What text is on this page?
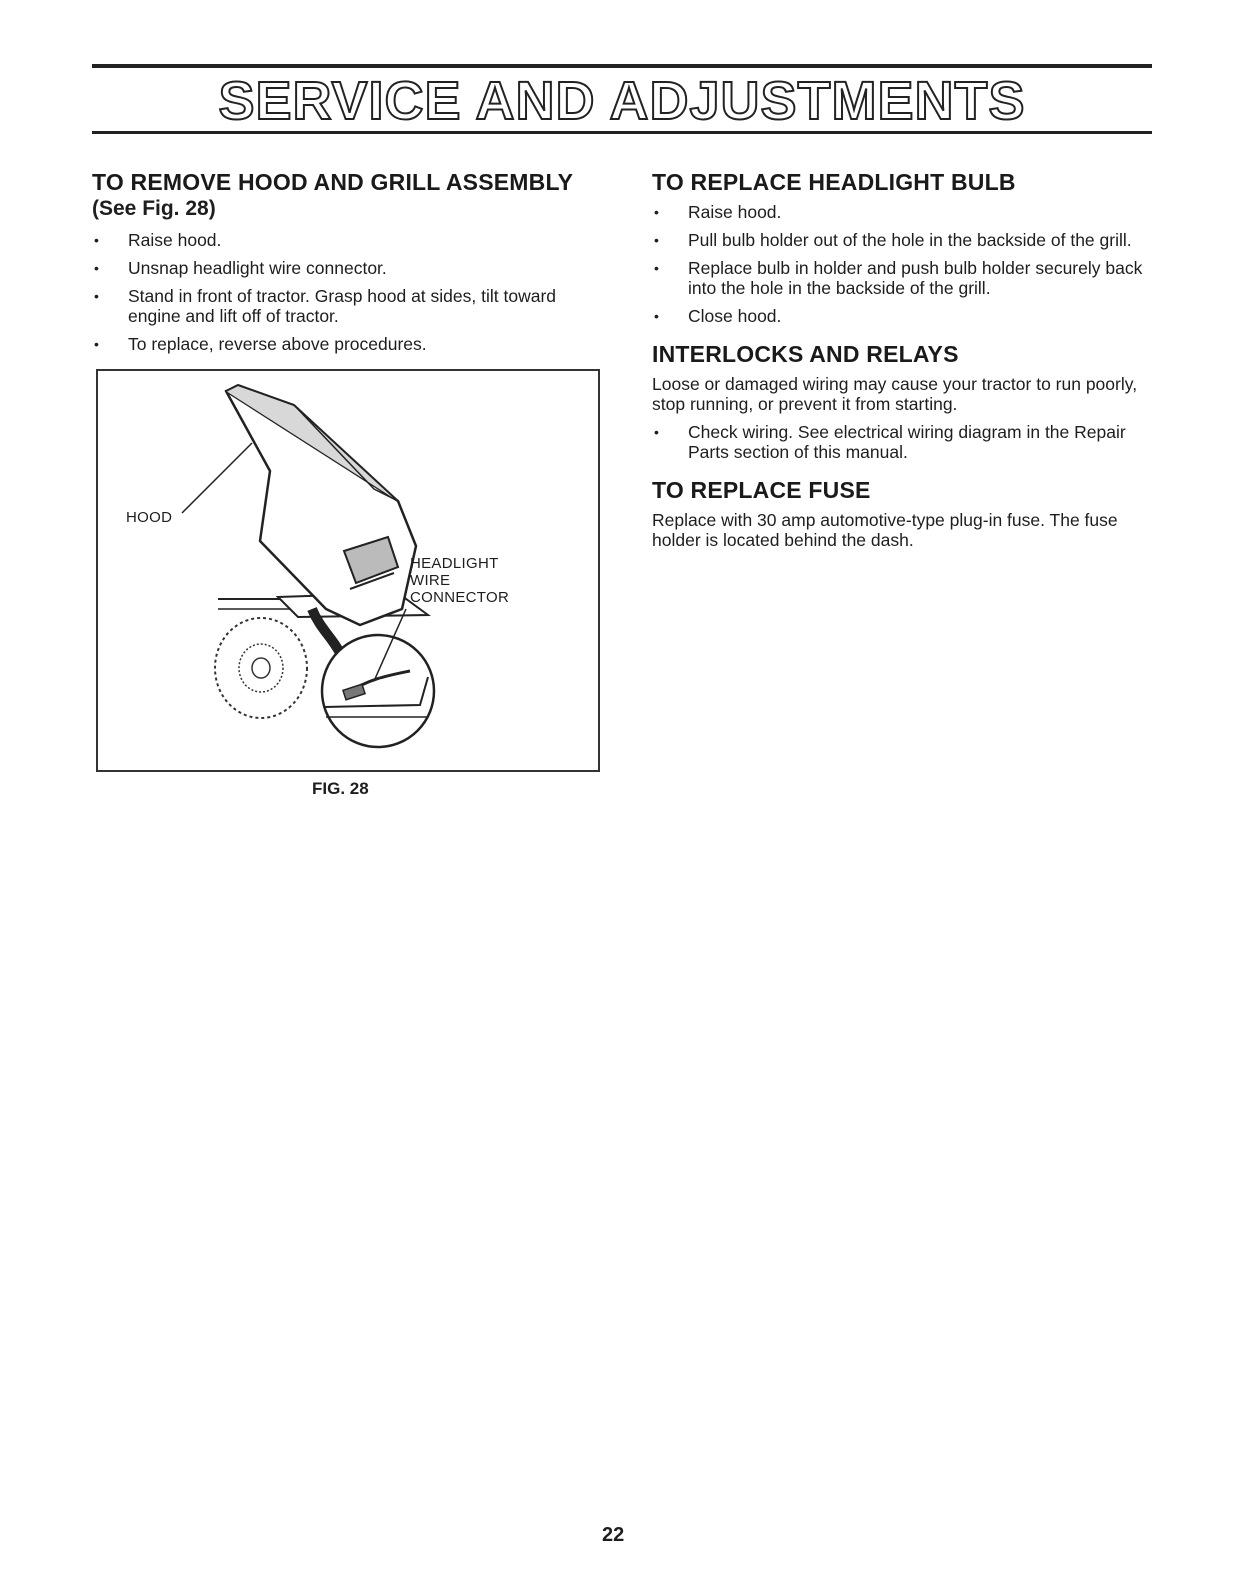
SERVICE AND ADJUSTMENTS
TO REMOVE HOOD AND GRILL ASSEMBLY
(See Fig. 28)
• Raise hood.
• Unsnap headlight wire connector.
• Stand in front of tractor. Grasp hood at sides, tilt toward engine and lift off of tractor.
• To replace, reverse above procedures.
HOOD
HEADLIGHT
WIRE
CONNECTOR
FIG. 28
TO REPLACE HEADLIGHT BULB
• Raise hood.
• Pull bulb holder out of the hole in the backside of the grill.
• Replace bulb in holder and push bulb holder securely back into the hole in the backside of the grill.
• Close hood.
INTERLOCKS AND RELAYS

Loose or damaged wiring may cause your tractor to run poorly, stop running, or prevent it from starting.

• Check wiring. See electrical wiring diagram in the Repair Parts section of this manual.
TO REPLACE FUSE

Replace with 30 amp automotive-type plug-in fuse. The fuse holder is located behind the dash.

22
